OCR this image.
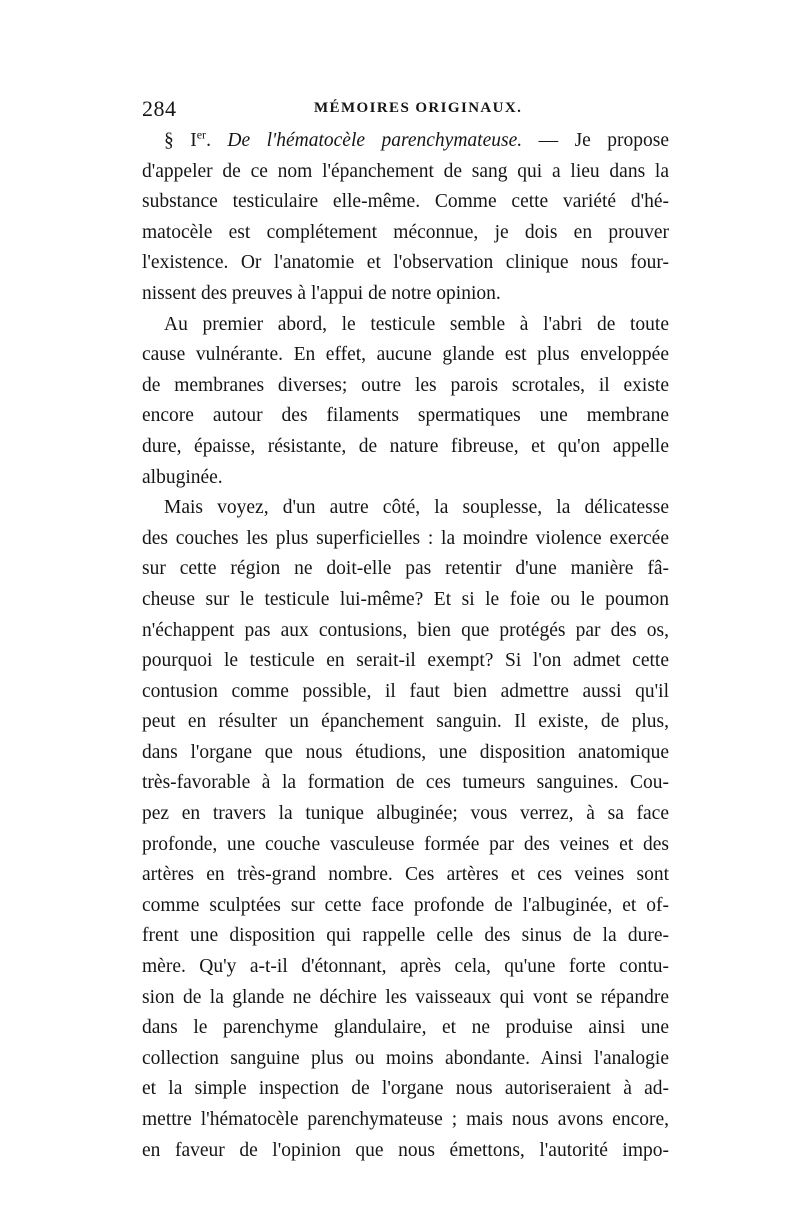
284	MÉMOIRES ORIGINAUX.
§ Ier. De l'hématocèle parenchymateuse. — Je propose
d'appeler de ce nom l'épanchement de sang qui a lieu dans la
substance testiculaire elle-même. Comme cette variété d'hé-
matocèle est complétement méconnue, je dois en prouver
l'existence. Or l'anatomie et l'observation clinique nous four-
nissent des preuves à l'appui de notre opinion.
Au premier abord, le testicule semble à l'abri de toute
cause vulnérante. En effet, aucune glande est plus enveloppée
de membranes diverses; outre les parois scrotales, il existe
encore autour des filaments spermatiques une membrane
dure, épaisse, résistante, de nature fibreuse, et qu'on appelle
albuginée.
Mais voyez, d'un autre côté, la souplesse, la délicatesse
des couches les plus superficielles : la moindre violence exercée
sur cette région ne doit-elle pas retentir d'une manière fâ-
cheuse sur le testicule lui-même? Et si le foie ou le poumon
n'échappent pas aux contusions, bien que protégés par des os,
pourquoi le testicule en serait-il exempt? Si l'on admet cette
contusion comme possible, il faut bien admettre aussi qu'il
peut en résulter un épanchement sanguin. Il existe, de plus,
dans l'organe que nous étudions, une disposition anatomique
très-favorable à la formation de ces tumeurs sanguines. Cou-
pez en travers la tunique albuginée; vous verrez, à sa face
profonde, une couche vasculeuse formée par des veines et des
artères en très-grand nombre. Ces artères et ces veines sont
comme sculptées sur cette face profonde de l'albuginée, et of-
frent une disposition qui rappelle celle des sinus de la dure-
mère. Qu'y a-t-il d'étonnant, après cela, qu'une forte contu-
sion de la glande ne déchire les vaisseaux qui vont se répandre
dans le parenchyme glandulaire, et ne produise ainsi une
collection sanguine plus ou moins abondante. Ainsi l'analogie
et la simple inspection de l'organe nous autoriseraient à ad-
mettre l'hématocèle parenchymateuse ; mais nous avons encore,
en faveur de l'opinion que nous émettons, l'autorité impo-
